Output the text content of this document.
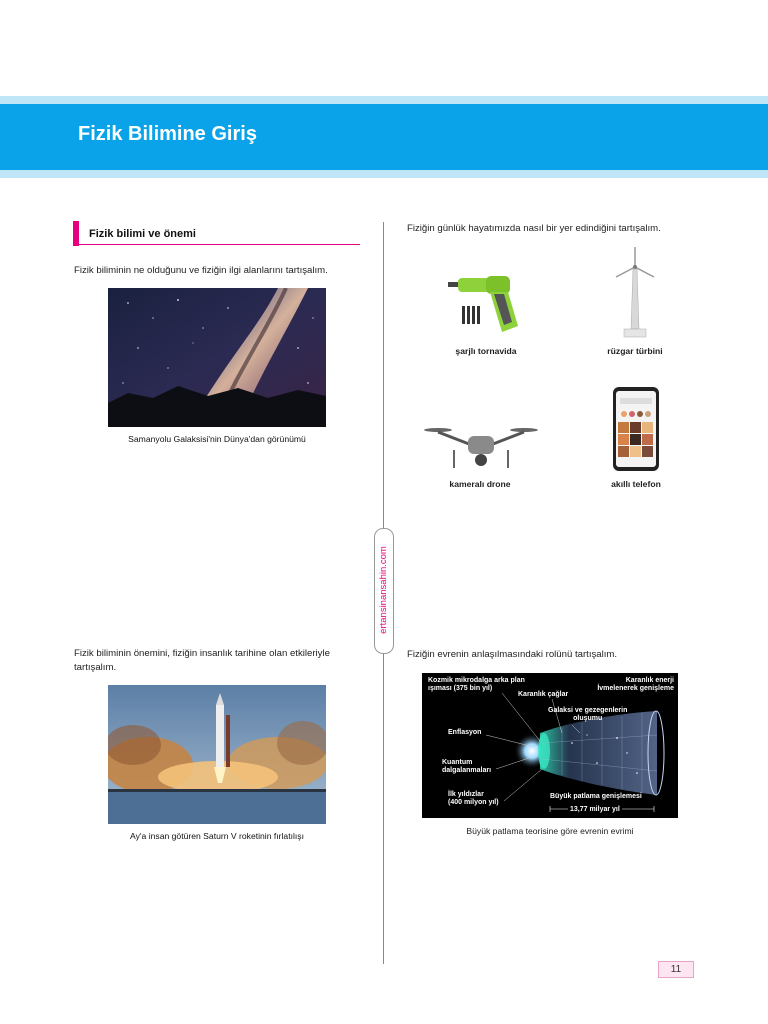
Fizik Bilimine Giriş
Fizik bilimi ve önemi
Fizik biliminin ne olduğunu ve fiziğin ilgi alanlarını tartışalım.
Samanyolu Galaksisi'nin Dünya'dan görünümü
Fizik biliminin önemini, fiziğin insanlık tarihine olan etkileriyle
tartışalım.
Ay'a insan götüren Saturn V roketinin fırlatılışı
ertansinansahin.com
Fiziğin günlük hayatımızda nasıl bir yer edindiğini tartışalım.
şarjlı tornavida	rüzgar türbini
kameralı drone	akıllı telefon
Fiziğin evrenin anlaşılmasındaki rolünü tartışalım.
Kozmik mikrodalga arka plan
ışıması (375 bin yıl)
Karanlık çağlar
Karanlık enerji
İvmelenerek genişleme
Galaksi ve gezegenlerin
oluşumu
Enflasyon
Kuantum
dalgalanmaları
İlk yıldızlar
(400 milyon yıl)
Büyük patlama genişlemesi
13,77 milyar yıl
Büyük patlama teorisine göre evrenin evrimi
11
